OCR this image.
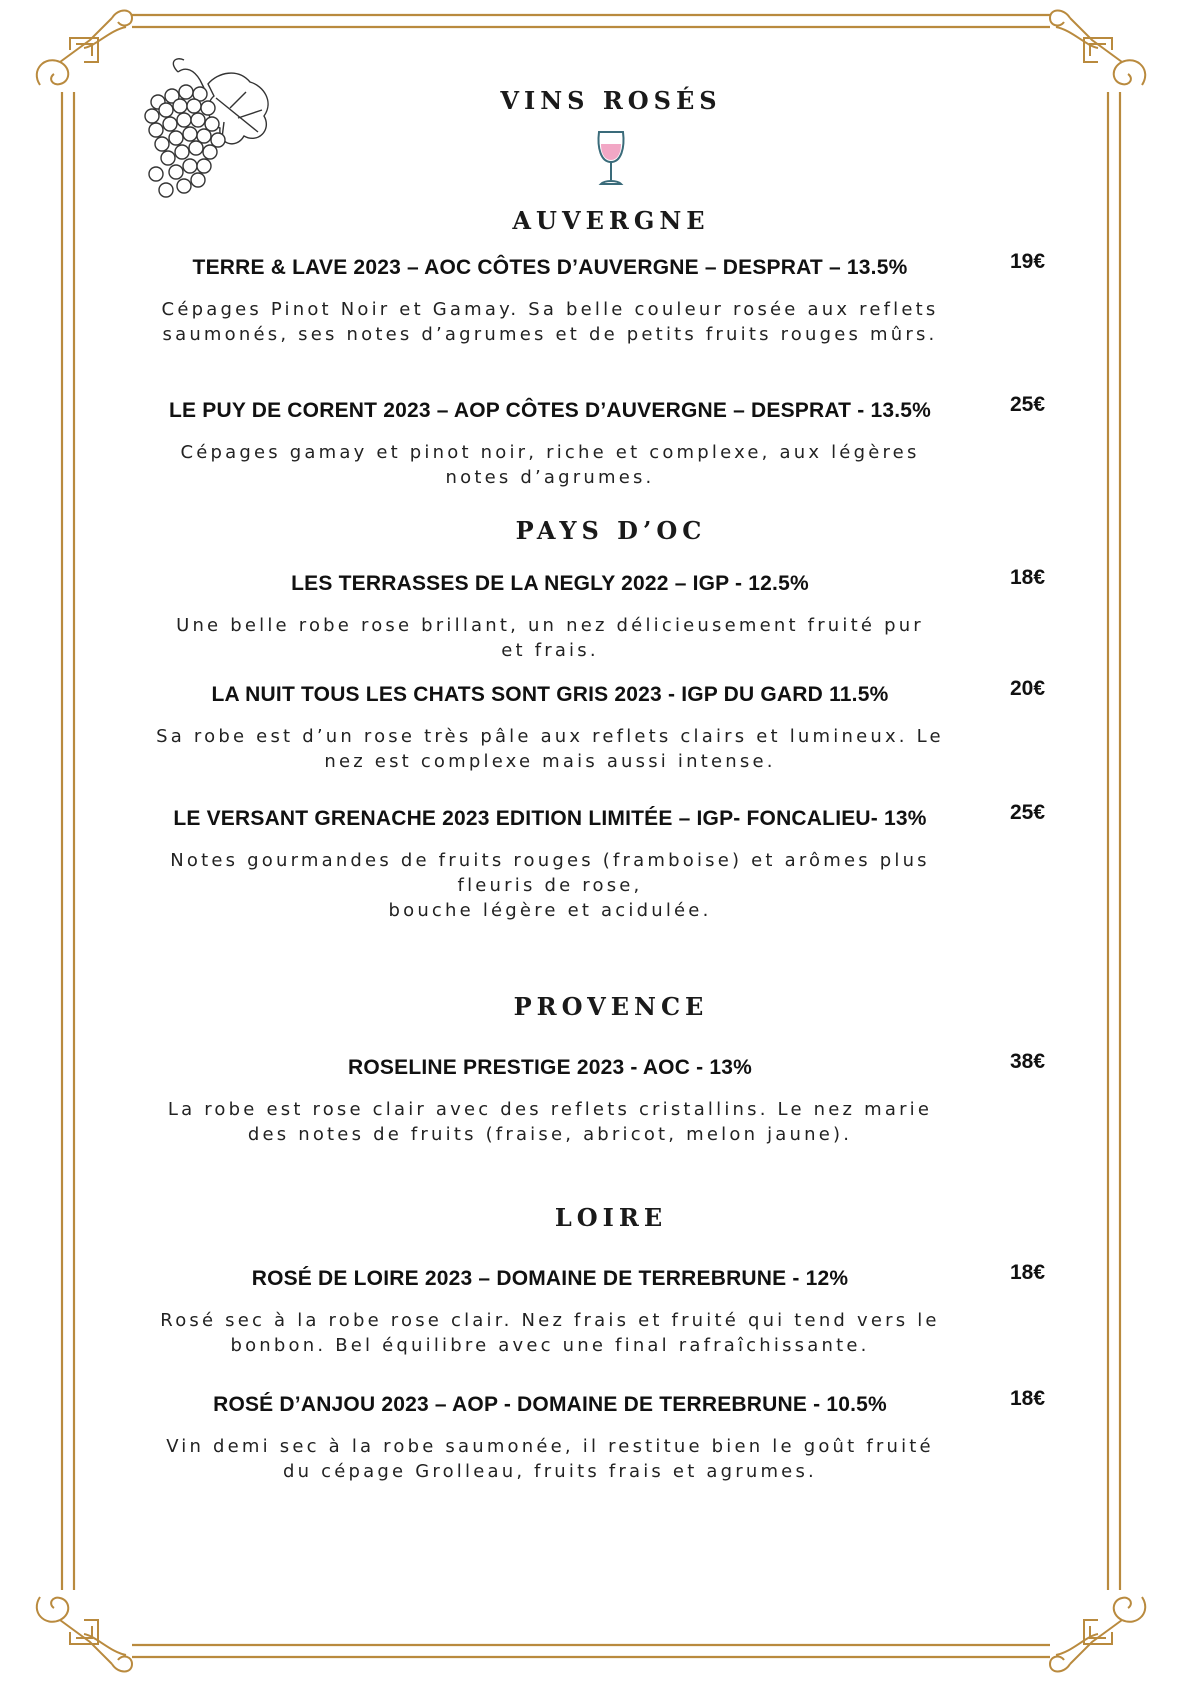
VINS ROSÉS
AUVERGNE
TERRE & LAVE 2023 – AOC CÔTES D’AUVERGNE – DESPRAT – 13.5%	19€
Cépages Pinot Noir et Gamay. Sa belle couleur rosée aux reflets
saumonés, ses notes d’agrumes et de petits fruits rouges mûrs.
LE PUY DE CORENT 2023 – AOP CÔTES D’AUVERGNE – DESPRAT - 13.5%	25€
Cépages gamay et pinot noir, riche et complexe, aux légères
notes d’agrumes.
PAYS D’OC
LES TERRASSES DE LA NEGLY 2022 – IGP - 12.5%	18€
Une belle robe rose brillant, un nez délicieusement fruité pur
et frais.
LA NUIT TOUS LES CHATS SONT GRIS 2023 - IGP DU GARD 11.5%	20€
Sa robe est d’un rose très pâle aux reflets clairs et lumineux. Le
nez est complexe mais aussi intense.
LE VERSANT GRENACHE 2023 EDITION LIMITÉE – IGP- FONCALIEU- 13%	25€
Notes gourmandes de fruits rouges (framboise) et arômes plus
fleuris de rose,
bouche légère et acidulée.
PROVENCE
ROSELINE PRESTIGE 2023 - AOC - 13%	38€
La robe est rose clair avec des reflets cristallins. Le nez marie
des notes de fruits (fraise, abricot, melon jaune).
LOIRE
ROSÉ DE LOIRE 2023 – DOMAINE DE TERREBRUNE - 12%	18€
Rosé sec à la robe rose clair. Nez frais et fruité qui tend vers le
bonbon. Bel équilibre avec une final rafraîchissante.
ROSÉ D’ANJOU 2023 – AOP - DOMAINE DE TERREBRUNE - 10.5%	18€
Vin demi sec à la robe saumonée, il restitue bien le goût fruité
du cépage Grolleau, fruits frais et agrumes.
